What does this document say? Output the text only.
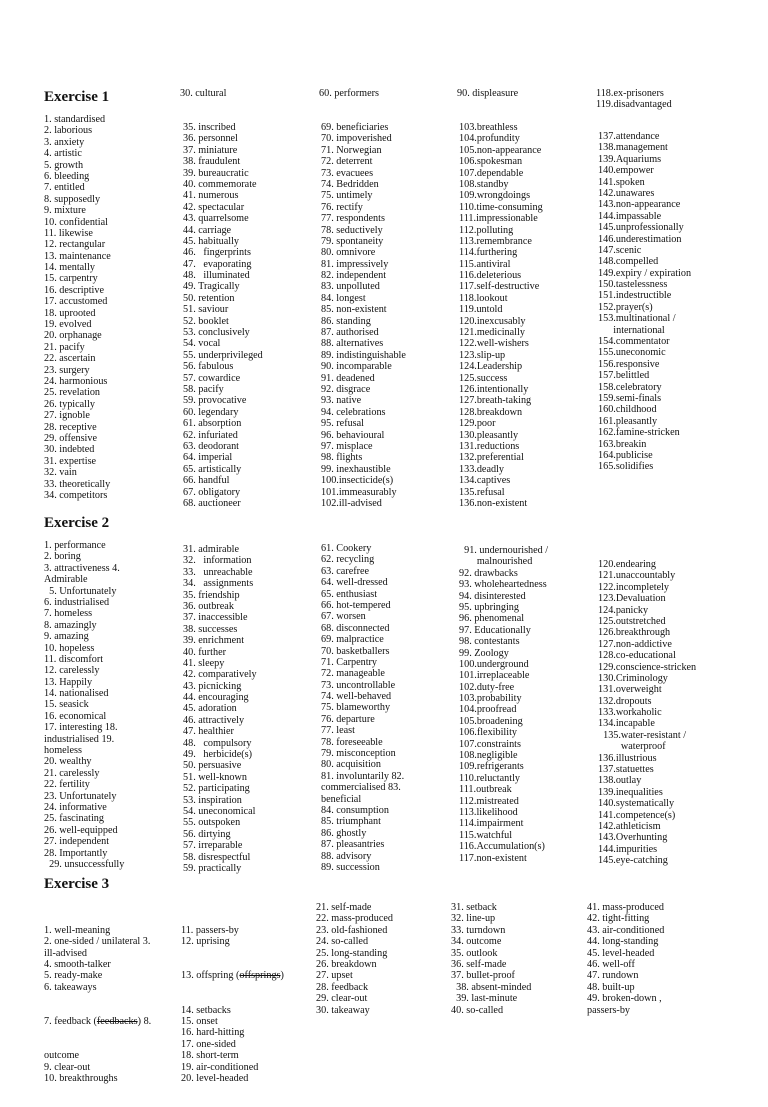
Exercise 1
1. standardised
2. laborious
3. anxiety
4. artistic
5. growth
6. bleeding
7. entitled
8. supposedly
9. mixture
10. confidential
11. likewise
12. rectangular
13. maintenance
14. mentally
15. carpentry
16. descriptive
17. accustomed
18. uprooted
19. evolved
20. orphanage
21. pacify
22. ascertain
23. surgery
24. harmonious
25. revelation
26. typically
27. ignoble
28. receptive
29. offensive
30. indebted
31. expertise
32. vain
33. theoretically
34. competitors
30. cultural
35. inscribed
36. personnel
37. miniature
38. fraudulent
39. bureaucratic
40. commemorate
41. numerous
42. spectacular
43. quarrelsome
44. carriage
45. habitually
46.   fingerprints
47.   evaporating
48.   illuminated
49. Tragically
50. retention
51. saviour
52. booklet
53. conclusively
54. vocal
55. underprivileged
56. fabulous
57. cowardice
58. pacify
59. provocative
60. legendary
61. absorption
62. infuriated
63. deodorant
64. imperial
65. artistically
66. handful
67. obligatory
68. auctioneer
60. performers
69. beneficiaries
70. impoverished
71. Norwegian
72. deterrent
73. evacuees
74. Bedridden
75. untimely
76. rectify
77. respondents
78. seductively
79. spontaneity
80. omnivore
81. impressively
82. independent
83. unpolluted
84. longest
85. non-existent
86. standing
87. authorised
88. alternatives
89. indistinguishable
90. incomparable
91. deadened
92. disgrace
93. native
94. celebrations
95. refusal
96. behavioural
97. misplace
98. flights
99. inexhaustible
100.insecticide(s)
101.immeasurably
102.ill-advised
90. displeasure
103.breathless
104.profundity
105.non-appearance
106.spokesman
107.dependable
108.standby
109.wrongdoings
110.time-consuming
111.impressionable
112.polluting
113.remembrance
114.furthering
115.antiviral
116.deleterious
117.self-destructive
118.lookout
119.untold
120.inexcusably
121.medicinally
122.well-wishers
123.slip-up
124.Leadership
125.success
126.intentionally
127.breath-taking
128.breakdown
129.poor
130.pleasantly
131.reductions
132.preferential
133.deadly
134.captives
135.refusal
136.non-existent
118.ex-prisoners
119.disadvantaged
137.attendance
138.management
139.Aquariums
140.empower
141.spoken
142.unawares
143.non-appearance
144.impassable
145.unprofessionally
146.underestimation
147.scenic
148.compelled
149.expiry / expiration
150.tastelessness
151.indestructible
152.prayer(s)
153.multinational /
international
154.commentator
155.uneconomic
156.responsive
157.belittled
158.celebratory
159.semi-finals
160.childhood
161.pleasantly
162.famine-stricken
163.breakin
164.publicise
165.solidifies
Exercise 2
1. performance
2. boring
3. attractiveness 4.
Admirable
5. Unfortunately
6. industrialised
7. homeless
8. amazingly
9. amazing
10. hopeless
11. discomfort
12. carelessly
13. Happily
14. nationalised
15. seasick
16. economical
17. interesting 18.
industrialised 19.
homeless
20. wealthy
21. carelessly
22. fertility
23. Unfortunately
24. informative
25. fascinating
26. well-equipped
27. independent
28. Importantly
29. unsuccessfully
31. admirable
32.   information
33.   unreachable
34.   assignments
35. friendship
36. outbreak
37. inaccessible
38. successes
39. enrichment
40. further
41. sleepy
42. comparatively
43. picnicking
44. encouraging
45. adoration
46. attractively
47. healthier
48.   compulsory
49.   herbicide(s)
50. persuasive
51. well-known
52. participating
53. inspiration
54. uneconomical
55. outspoken
56. dirtying
57. irreparable
58. disrespectful
59. practically
61. Cookery
62. recycling
63. carefree
64. well-dressed
65. enthusiast
66. hot-tempered
67. worsen
68. disconnected
69. malpractice
70. basketballers
71. Carpentry
72. manageable
73. uncontrollable
74. well-behaved
75. blameworthy
76. departure
77. least
78. foreseeable
79. misconception
80. acquisition
81. involuntarily 82.
commercialised 83.
beneficial
84. consumption
85. triumphant
86. ghostly
87. pleasantries
88. advisory
89. succession
91. undernourished /
malnourished
92. drawbacks
93. wholeheartedness
94. disinterested
95. upbringing
96. phenomenal
97. Educationally
98. contestants
99. Zoology
100.underground
101.irreplaceable
102.duty-free
103.probability
104.proofread
105.broadening
106.flexibility
107.constraints
108.negligible
109.refrigerants
110.reluctantly
111.outbreak
112.mistreated
113.likelihood
114.impairment
115.watchful
116.Accumulation(s)
117.non-existent
120.endearing
121.unaccountably
122.incompletely
123.Devaluation
124.panicky
125.outstretched
126.breakthrough
127.non-addictive
128.co-educational
129.conscience-stricken
130.Criminology
131.overweight
132.dropouts
133.workaholic
134.incapable
135.water-resistant /
waterproof
136.illustrious
137.statuettes
138.outlay
139.inequalities
140.systematically
141.competence(s)
142.athleticism
143.Overhunting
144.impurities
145.eye-catching
Exercise 3

1. well-meaning
2. one-sided / unilateral 3.
ill-advised
4. smooth-talker
5. ready-make
6. takeaways

7. feedback (feedbacks) 8.

outcome
9. clear-out
10. breakthroughs

11. passers-by
12. uprising

13. offspring (offsprings)

14. setbacks
15. onset
16. hard-hitting
17. one-sided
18. short-term
19. air-conditioned
20. level-headed

21. self-made
22. mass-produced
23. old-fashioned
24. so-called
25. long-standing
26. breakdown
27. upset
28. feedback
29. clear-out
30. takeaway
31. setback
32. line-up
33. turndown
34. outcome
35. outlook
36. self-made
37. bullet-proof
38. absent-minded
39. last-minute
40. so-called
41. mass-produced
42. tight-fitting
43. air-conditioned
44. long-standing
45. level-headed
46. well-off
47. rundown
48. built-up
49. broken-down ,
passers-by
